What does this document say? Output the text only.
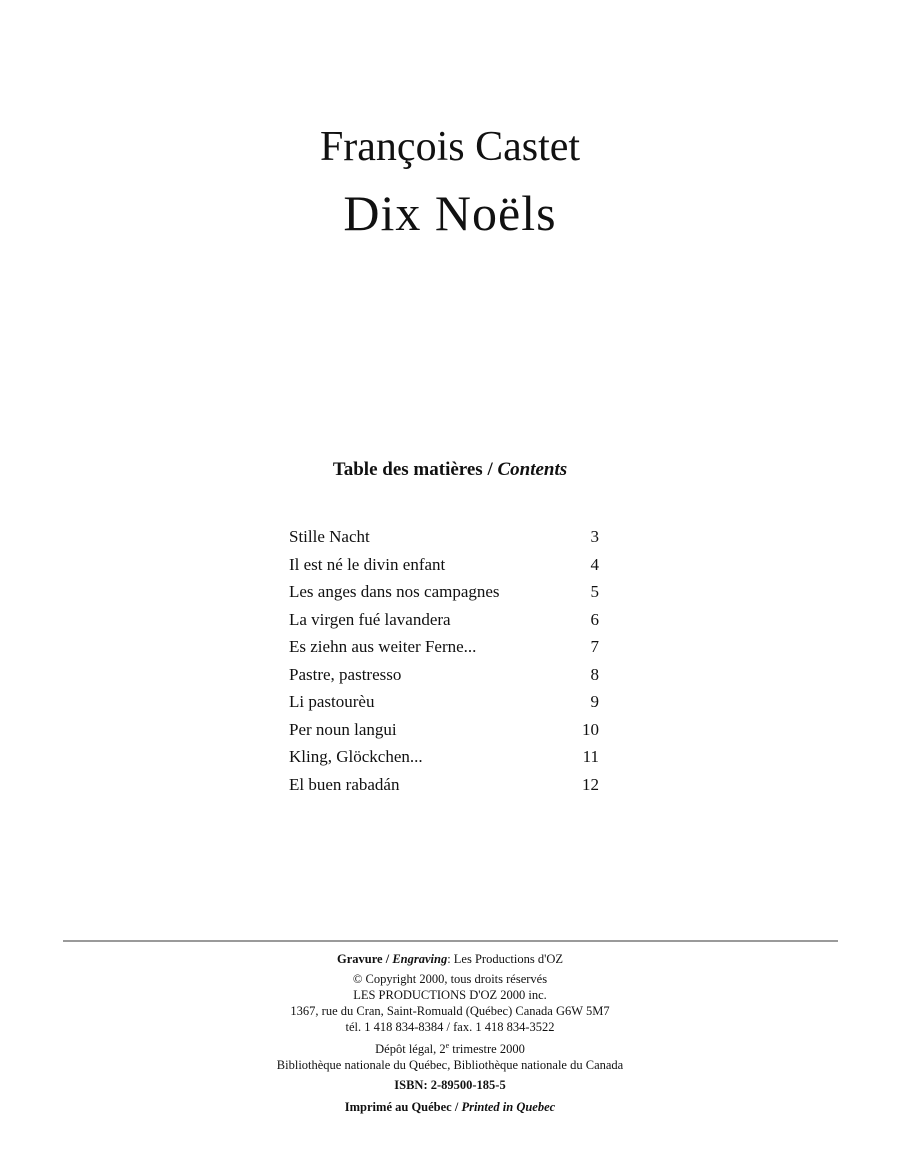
François Castet
Dix Noëls
Table des matières / Contents
Stille Nacht	3
Il est né le divin enfant	4
Les anges dans nos campagnes	5
La virgen fué lavandera	6
Es ziehn aus weiter Ferne...	7
Pastre, pastresso	8
Li pastourèu	9
Per noun langui	10
Kling, Glöckchen...	11
El buen rabadán	12
Gravure / Engraving: Les Productions d'OZ
© Copyright 2000, tous droits réservés
LES PRODUCTIONS D'OZ 2000 inc.
1367, rue du Cran, Saint-Romuald (Québec) Canada G6W 5M7
tél. 1 418 834-8384 / fax. 1 418 834-3522
Dépôt légal, 2e trimestre 2000
Bibliothèque nationale du Québec, Bibliothèque nationale du Canada
ISBN: 2-89500-185-5
Imprimé au Québec / Printed in Quebec
